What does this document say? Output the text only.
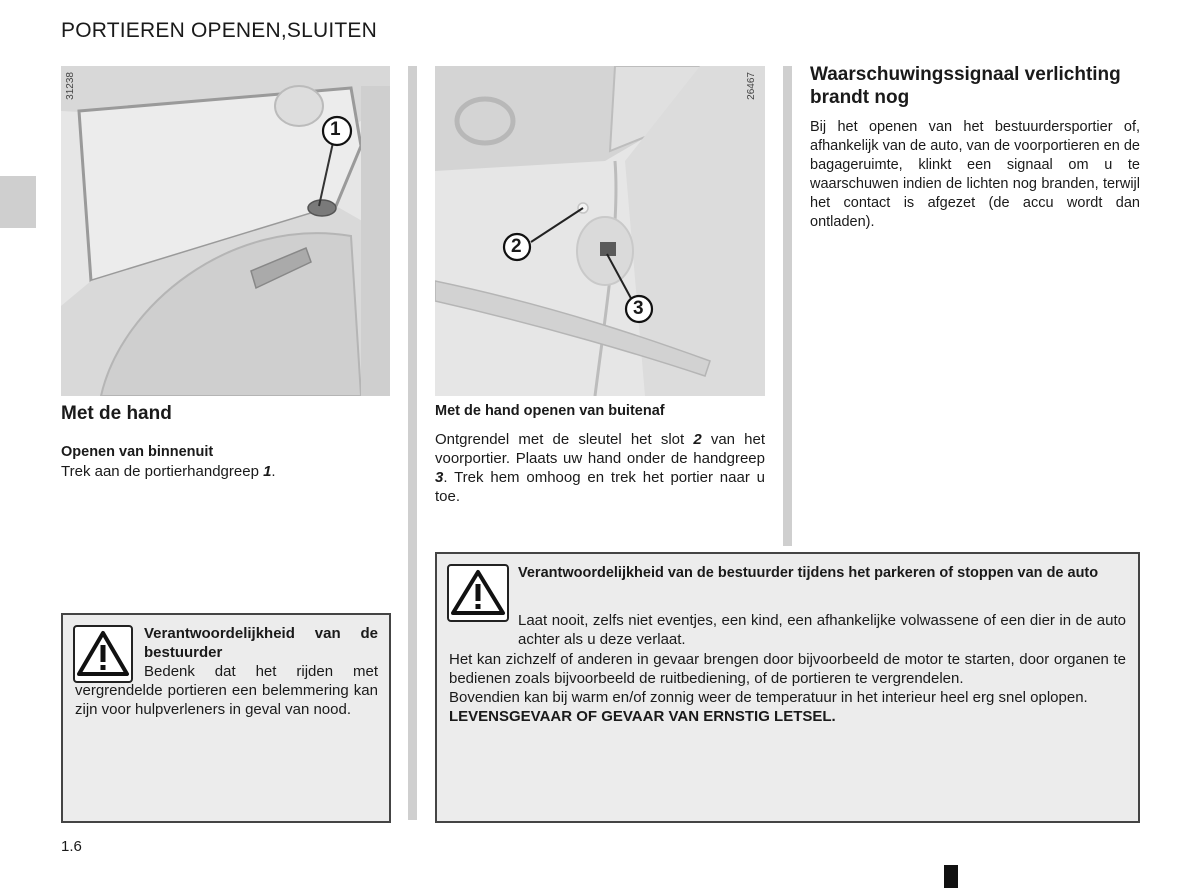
PORTIEREN OPENEN,SLUITEN
1
31238
2
3
26467
Met de hand
Openen van binnenuit
Trek aan de portierhandgreep 1.
Verantwoordelijkheid van de bestuurder
Bedenk dat het rijden met vergrendelde portieren een belemmering kan zijn voor hulpverleners in geval van nood.
Met de hand openen van buitenaf
Ontgrendel met de sleutel het slot 2 van het voorportier. Plaats uw hand onder de handgreep 3. Trek hem omhoog en trek het portier naar u toe.
Waarschuwingssignaal verlichting brandt nog
Bij het openen van het bestuurdersportier of, afhankelijk van de auto, van de voorportieren en de bagageruimte, klinkt een signaal om u te waarschuwen indien de lichten nog branden, terwijl het contact is afgezet (de accu wordt dan ontladen).
Verantwoordelijkheid van de bestuurder tijdens het parkeren of stoppen van de auto
Laat nooit, zelfs niet eventjes, een kind, een afhankelijke volwassene of een dier in de auto achter als u deze verlaat.
Het kan zichzelf of anderen in gevaar brengen door bijvoorbeeld de motor te starten, door organen te bedienen zoals bijvoorbeeld de ruitbediening, of de portieren te vergrendelen.
Bovendien kan bij warm en/of zonnig weer de temperatuur in het interieur heel erg snel oplopen.
LEVENSGEVAAR OF GEVAAR VAN ERNSTIG LETSEL.
1.6
